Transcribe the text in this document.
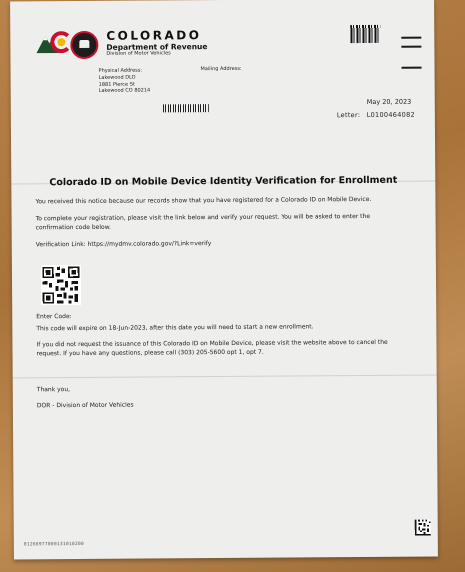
COLORADO
Department of Revenue
Division of Motor Vehicles
Physical Address:
Lakewood DLO
1881 Pierce St
Lakewood CO 80214
Mailing Address:
May 20, 2023
Letter: L0100464082
Colorado ID on Mobile Device Identity Verification for Enrollment
You received this notice because our records show that you have registered for a Colorado ID on Mobile Device.
To complete your registration, please visit the link below and verify your request. You will be asked to enter the confirmation code below.
Verification Link: https://mydmv.colorado.gov/?Link=verify
Enter Code:
This code will expire on 18-Jun-2023, after this date you will need to start a new enrollment.
If you did not request the issuance of this Colorado ID on Mobile Device, please visit the website above to cancel the request. If you have any questions, please call (303) 205-5600 opt 1, opt 7.
Thank you,
DOR - Division of Motor Vehicles
01266977000131010200
